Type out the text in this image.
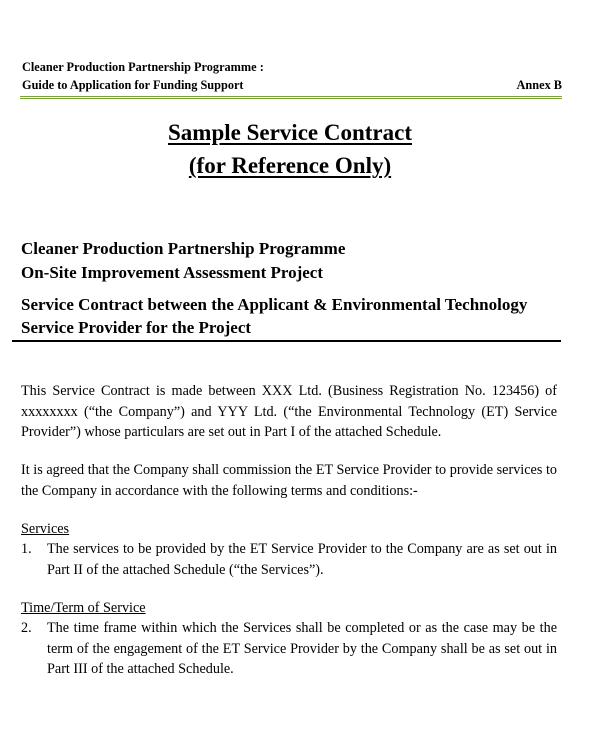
Cleaner Production Partnership Programme :
Guide to Application for Funding Support	Annex B
Sample Service Contract
(for Reference Only)
Cleaner Production Partnership Programme
On-Site Improvement Assessment Project
Service Contract between the Applicant & Environmental Technology Service Provider for the Project
This Service Contract is made between XXX Ltd. (Business Registration No. 123456) of xxxxxxxx (“the Company”) and YYY Ltd. (“the Environmental Technology (ET) Service Provider”) whose particulars are set out in Part I of the attached Schedule.
It is agreed that the Company shall commission the ET Service Provider to provide services to the Company in accordance with the following terms and conditions:-
Services
1.	The services to be provided by the ET Service Provider to the Company are as set out in Part II of the attached Schedule (“the Services”).
Time/Term of Service
2.	The time frame within which the Services shall be completed or as the case may be the term of the engagement of the ET Service Provider by the Company shall be as set out in Part III of the attached Schedule.
